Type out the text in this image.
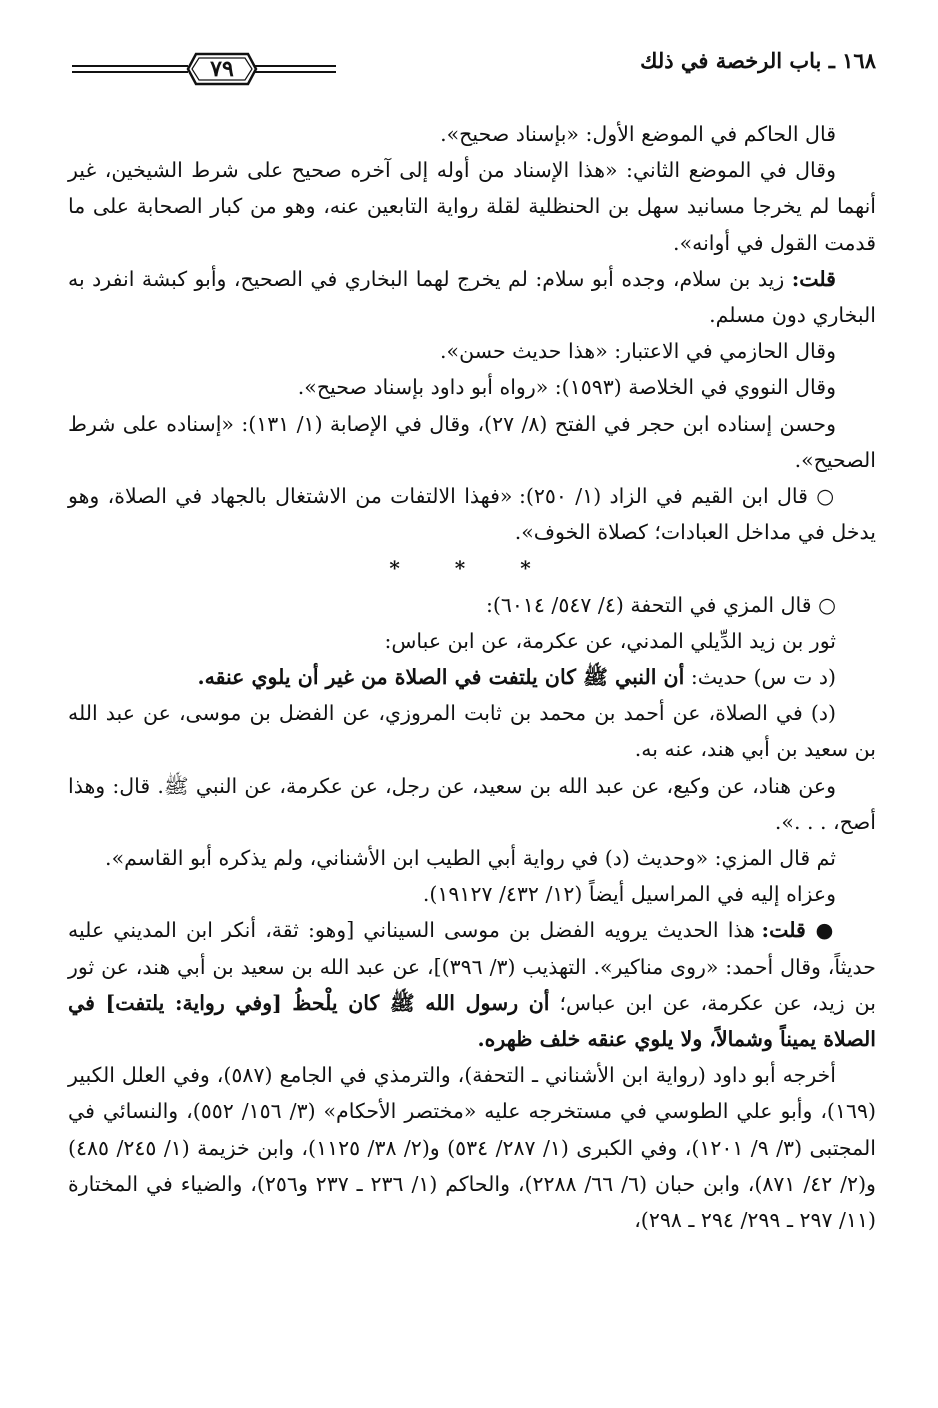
١٦٨ ـ باب الرخصة في ذلك
٧٩

قال الحاكم في الموضع الأول: «بإسناد صحيح».

وقال في الموضع الثاني: «هذا الإسناد من أوله إلى آخره صحيح على شرط الشيخين، غير أنهما لم يخرجا مسانيد سهل بن الحنظلية لقلة رواية التابعين عنه، وهو من كبار الصحابة على ما قدمت القول في أوانه».

قلت: زيد بن سلام، وجده أبو سلام: لم يخرج لهما البخاري في الصحيح، وأبو كبشة انفرد به البخاري دون مسلم.

وقال الحازمي في الاعتبار: «هذا حديث حسن».

وقال النووي في الخلاصة (١٥٩٣): «رواه أبو داود بإسناد صحيح».

وحسن إسناده ابن حجر في الفتح (٨/ ٢٧)، وقال في الإصابة (١/ ١٣١): «إسناده على شرط الصحيح».

○ قال ابن القيم في الزاد (١/ ٢٥٠): «فهذا الالتفات من الاشتغال بالجهاد في الصلاة، وهو يدخل في مداخل العبادات؛ كصلاة الخوف».

* * *

○ قال المزي في التحفة (٤/ ٥٤٧/ ٦٠١٤):

ثور بن زيد الدِّيلي المدني، عن عكرمة، عن ابن عباس:

(د ت س) حديث: أن النبي ﷺ كان يلتفت في الصلاة من غير أن يلوي عنقه.

(د) في الصلاة، عن أحمد بن محمد بن ثابت المروزي، عن الفضل بن موسى، عن عبد الله بن سعيد بن أبي هند، عنه به.

وعن هناد، عن وكيع، عن عبد الله بن سعيد، عن رجل، عن عكرمة، عن النبي ﷺ. قال: وهذا أصح، . . .».

ثم قال المزي: «وحديث (د) في رواية أبي الطيب ابن الأشناني، ولم يذكره أبو القاسم».

وعزاه إليه في المراسيل أيضاً (١٢/ ٤٣٢/ ١٩١٢٧).

● قلت: هذا الحديث يرويه الفضل بن موسى السيناني [وهو: ثقة، أنكر ابن المديني عليه حديثاً، وقال أحمد: «روى مناكير». التهذيب (٣/ ٣٩٦)]، عن عبد الله بن سعيد بن أبي هند، عن ثور بن زيد، عن عكرمة، عن ابن عباس؛ أن رسول الله ﷺ كان يلْحظُ [وفي رواية: يلتفت] في الصلاة يميناً وشمالاً، ولا يلوي عنقه خلف ظهره.

أخرجه أبو داود (رواية ابن الأشناني ـ التحفة)، والترمذي في الجامع (٥٨٧)، وفي العلل الكبير (١٦٩)، وأبو علي الطوسي في مستخرجه عليه «مختصر الأحكام» (٣/ ١٥٦/ ٥٥٢)، والنسائي في المجتبى (٣/ ٩/ ١٢٠١)، وفي الكبرى (١/ ٢٨٧/ ٥٣٤) و(٢/ ٣٨/ ١١٢٥)، وابن خزيمة (١/ ٢٤٥/ ٤٨٥) و(٢/ ٤٢/ ٨٧١)، وابن حبان (٦/ ٦٦/ ٢٢٨٨)، والحاكم (١/ ٢٣٦ ـ ٢٣٧ و٢٥٦)، والضياء في المختارة (١١/ ٢٩٧ ـ ٢٩٩/ ٢٩٤ ـ ٢٩٨)،
